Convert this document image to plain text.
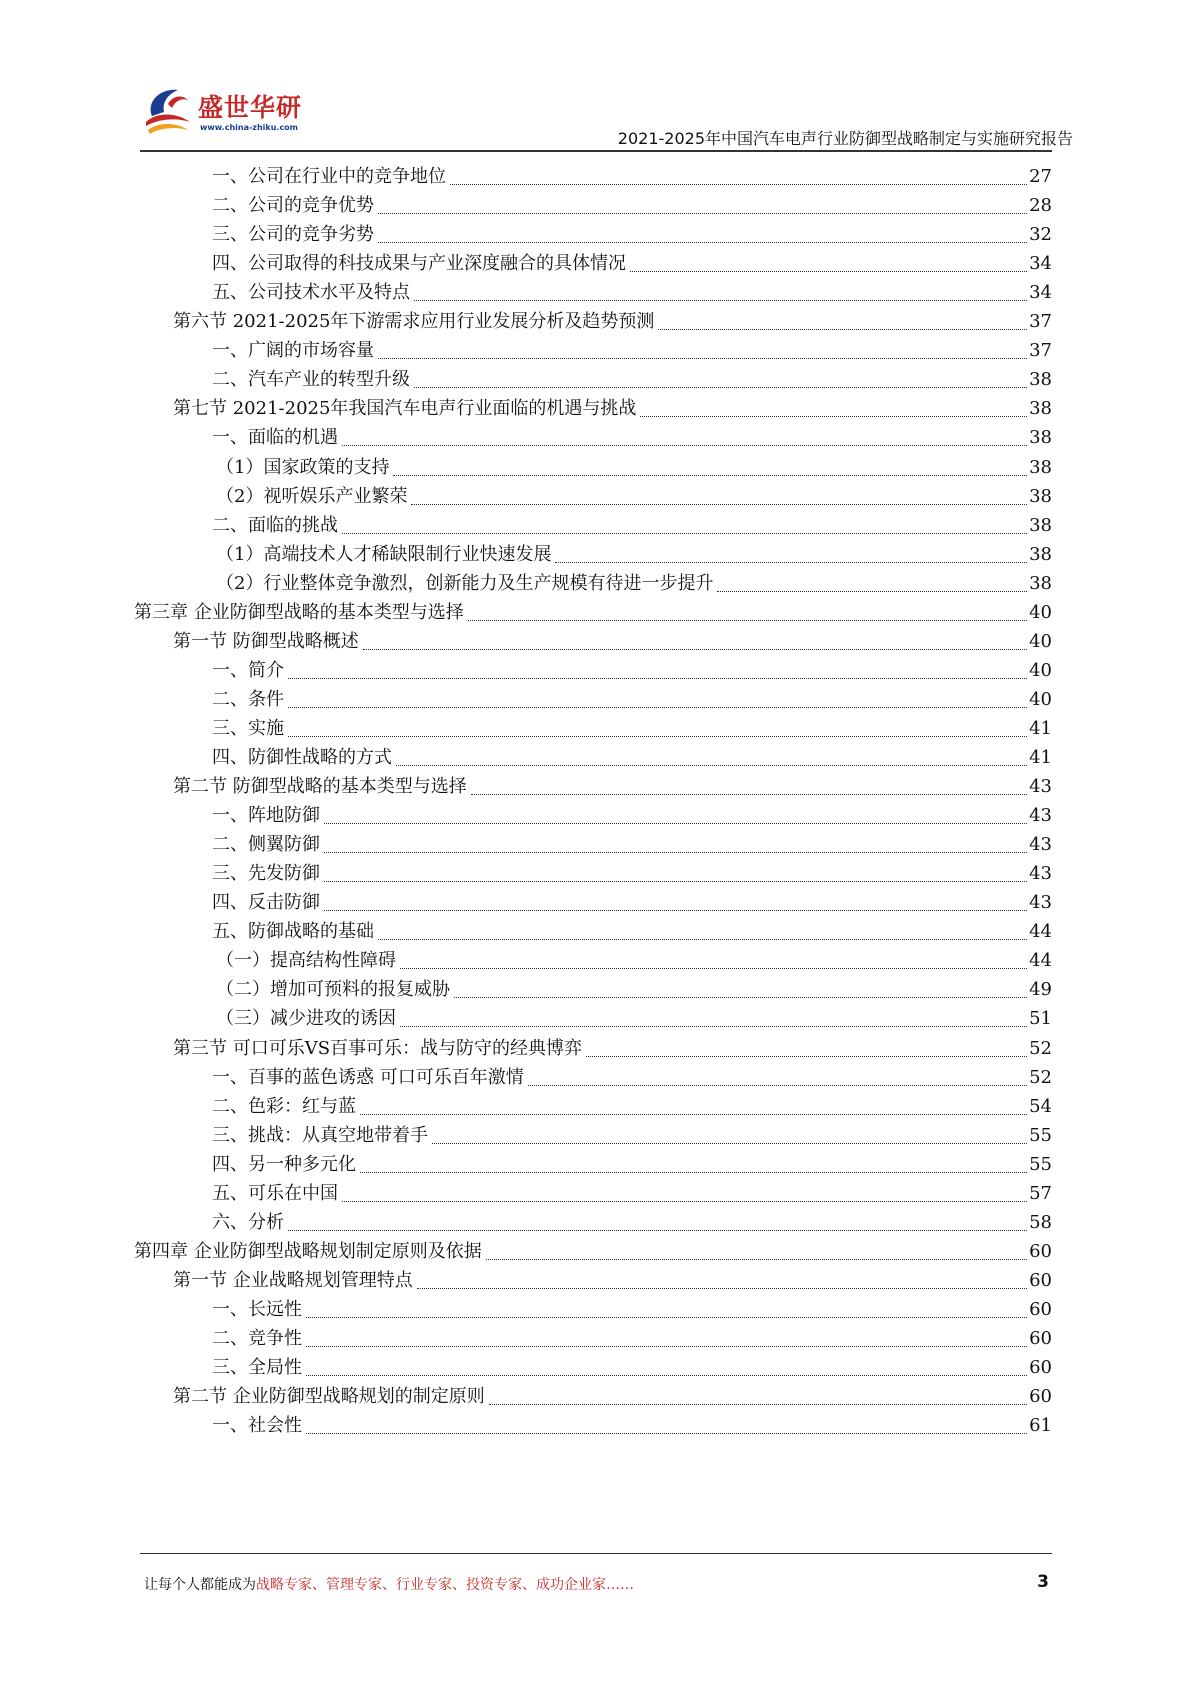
盛世华研
www.china-zhiku.com
2021-2025年中国汽车电声行业防御型战略制定与实施研究报告
一、公司在行业中的竞争地位	27
二、公司的竞争优势	28
三、公司的竞争劣势	32
四、公司取得的科技成果与产业深度融合的具体情况	34
五、公司技术水平及特点	34
第六节 2021-2025年下游需求应用行业发展分析及趋势预测	37
一、广阔的市场容量	37
二、汽车产业的转型升级	38
第七节 2021-2025年我国汽车电声行业面临的机遇与挑战	38
一、面临的机遇	38
（1）国家政策的支持	38
（2）视听娱乐产业繁荣	38
二、面临的挑战	38
（1）高端技术人才稀缺限制行业快速发展	38
（2）行业整体竞争激烈，创新能力及生产规模有待进一步提升	38
第三章 企业防御型战略的基本类型与选择	40
第一节 防御型战略概述	40
一、简介	40
二、条件	40
三、实施	41
四、防御性战略的方式	41
第二节 防御型战略的基本类型与选择	43
一、阵地防御	43
二、侧翼防御	43
三、先发防御	43
四、反击防御	43
五、防御战略的基础	44
（一）提高结构性障碍	44
（二）增加可预料的报复威胁	49
（三）减少进攻的诱因	51
第三节 可口可乐VS百事可乐：战与防守的经典博弈	52
一、百事的蓝色诱惑 可口可乐百年激情	52
二、色彩：红与蓝	54
三、挑战：从真空地带着手	55
四、另一种多元化	55
五、可乐在中国	57
六、分析	58
第四章 企业防御型战略规划制定原则及依据	60
第一节 企业战略规划管理特点	60
一、长远性	60
二、竞争性	60
三、全局性	60
第二节 企业防御型战略规划的制定原则	60
一、社会性	61
让每个人都能成为战略专家、管理专家、行业专家、投资专家、成功企业家……	3
